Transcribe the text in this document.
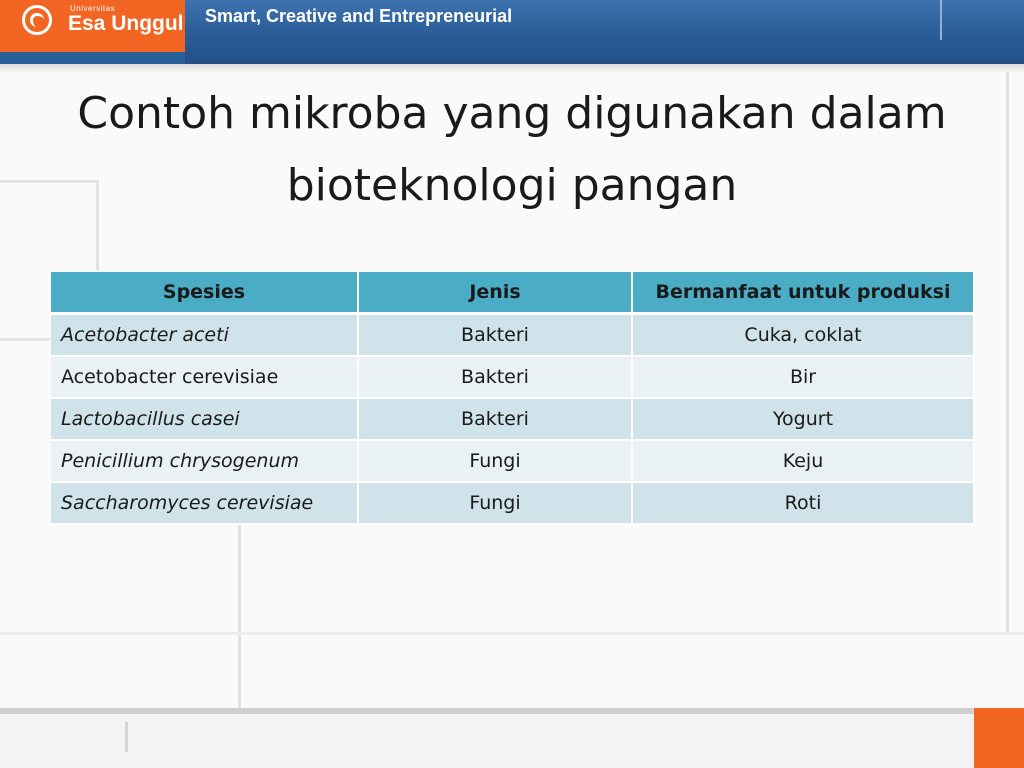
Smart, Creative and Entrepreneurial
Universitas
Esa Unggul
Contoh mikroba yang digunakan dalam
bioteknologi pangan
Spesies	Jenis	Bermanfaat untuk produksi
Acetobacter aceti	Bakteri	Cuka, coklat
Acetobacter cerevisiae	Bakteri	Bir
Lactobacillus casei	Bakteri	Yogurt
Penicillium chrysogenum	Fungi	Keju
Saccharomyces cerevisiae	Fungi	Roti
